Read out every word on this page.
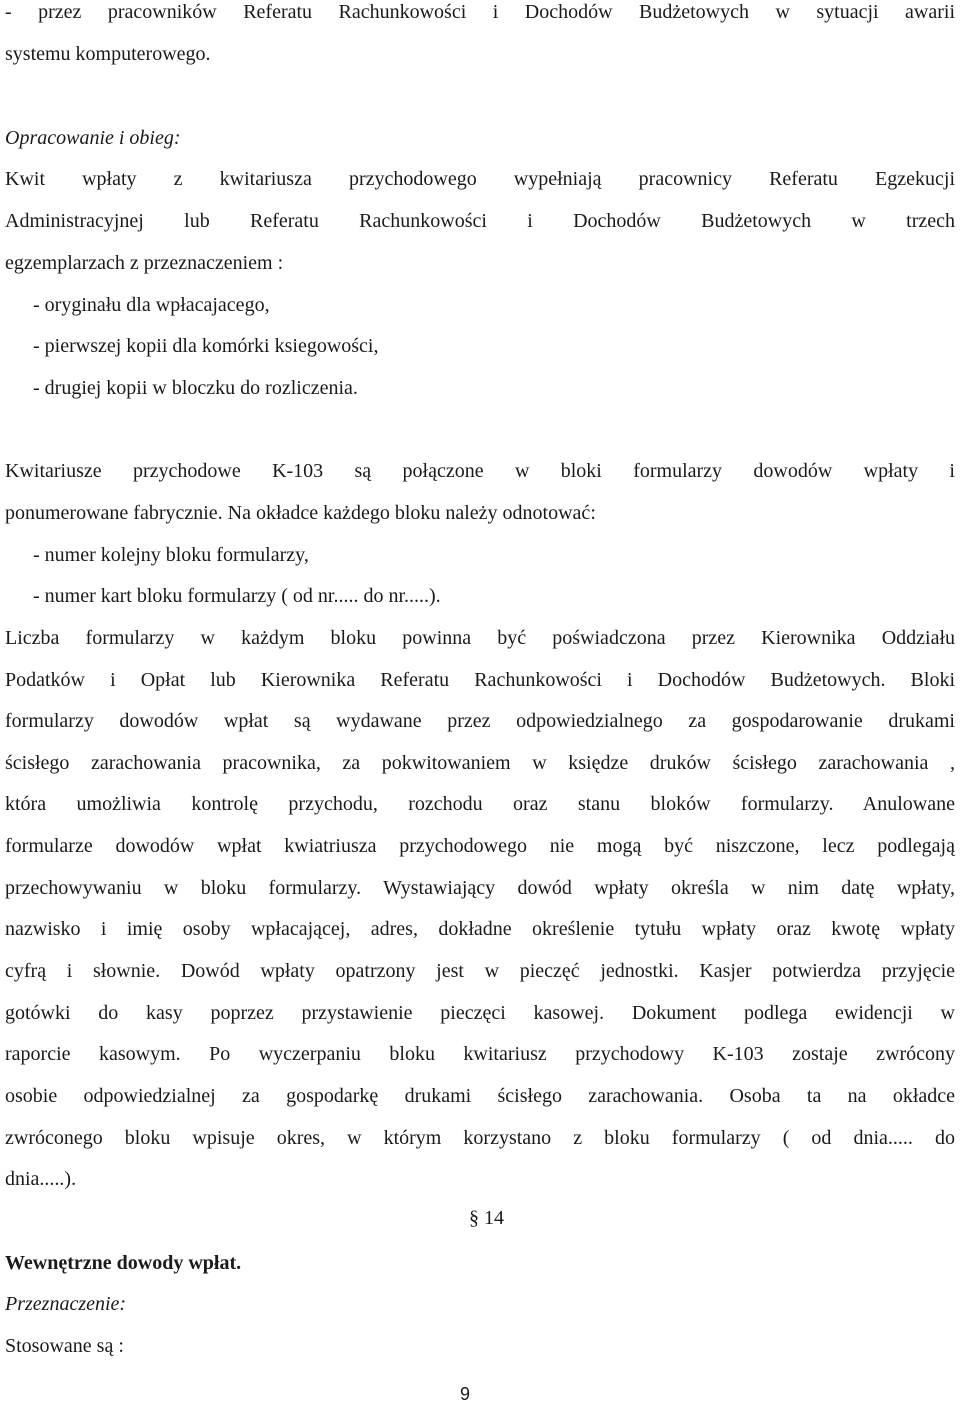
- przez pracowników Referatu Rachunkowości i Dochodów Budżetowych w sytuacji awarii
systemu komputerowego.
Opracowanie i obieg:
Kwit wpłaty z kwitariusza przychodowego wypełniają pracownicy Referatu Egzekucji
Administracyjnej lub Referatu Rachunkowości i Dochodów Budżetowych w trzech
egzemplarzach z przeznaczeniem :
- oryginału dla wpłacajacego,
- pierwszej kopii dla komórki ksiegowości,
- drugiej kopii w bloczku do rozliczenia.
Kwitariusze przychodowe K-103 są połączone w bloki formularzy dowodów wpłaty i
ponumerowane fabrycznie. Na okładce każdego bloku należy odnotować:
- numer kolejny bloku formularzy,
- numer kart bloku formularzy ( od nr..... do nr.....).
Liczba formularzy w każdym bloku powinna być poświadczona przez Kierownika Oddziału
Podatków i Opłat lub Kierownika Referatu Rachunkowości i Dochodów Budżetowych. Bloki
formularzy dowodów wpłat są wydawane przez odpowiedzialnego za gospodarowanie drukami
ścisłego zarachowania pracownika, za pokwitowaniem w księdze druków ścisłego zarachowania ,
która umożliwia kontrolę przychodu, rozchodu oraz stanu bloków formularzy. Anulowane
formularze dowodów wpłat kwiatriusza przychodowego nie mogą być niszczone, lecz podlegają
przechowywaniu w bloku formularzy. Wystawiający dowód wpłaty określa w nim datę wpłaty,
nazwisko i imię osoby wpłacającej, adres, dokładne określenie tytułu wpłaty oraz kwotę wpłaty
cyfrą i słownie. Dowód wpłaty opatrzony jest w pieczęć jednostki. Kasjer potwierdza przyjęcie
gotówki do kasy poprzez przystawienie pieczęci kasowej. Dokument podlega ewidencji w
raporcie kasowym. Po wyczerpaniu bloku kwitariusz przychodowy K-103 zostaje zwrócony
osobie odpowiedzialnej za gospodarkę drukami ścisłego zarachowania. Osoba ta na okładce
zwróconego bloku wpisuje okres, w którym korzystano z bloku formularzy ( od dnia..... do
dnia.....).
Wewnętrzne dowody wpłat.
Przeznaczenie:
Stosowane są :
§ 14
9
